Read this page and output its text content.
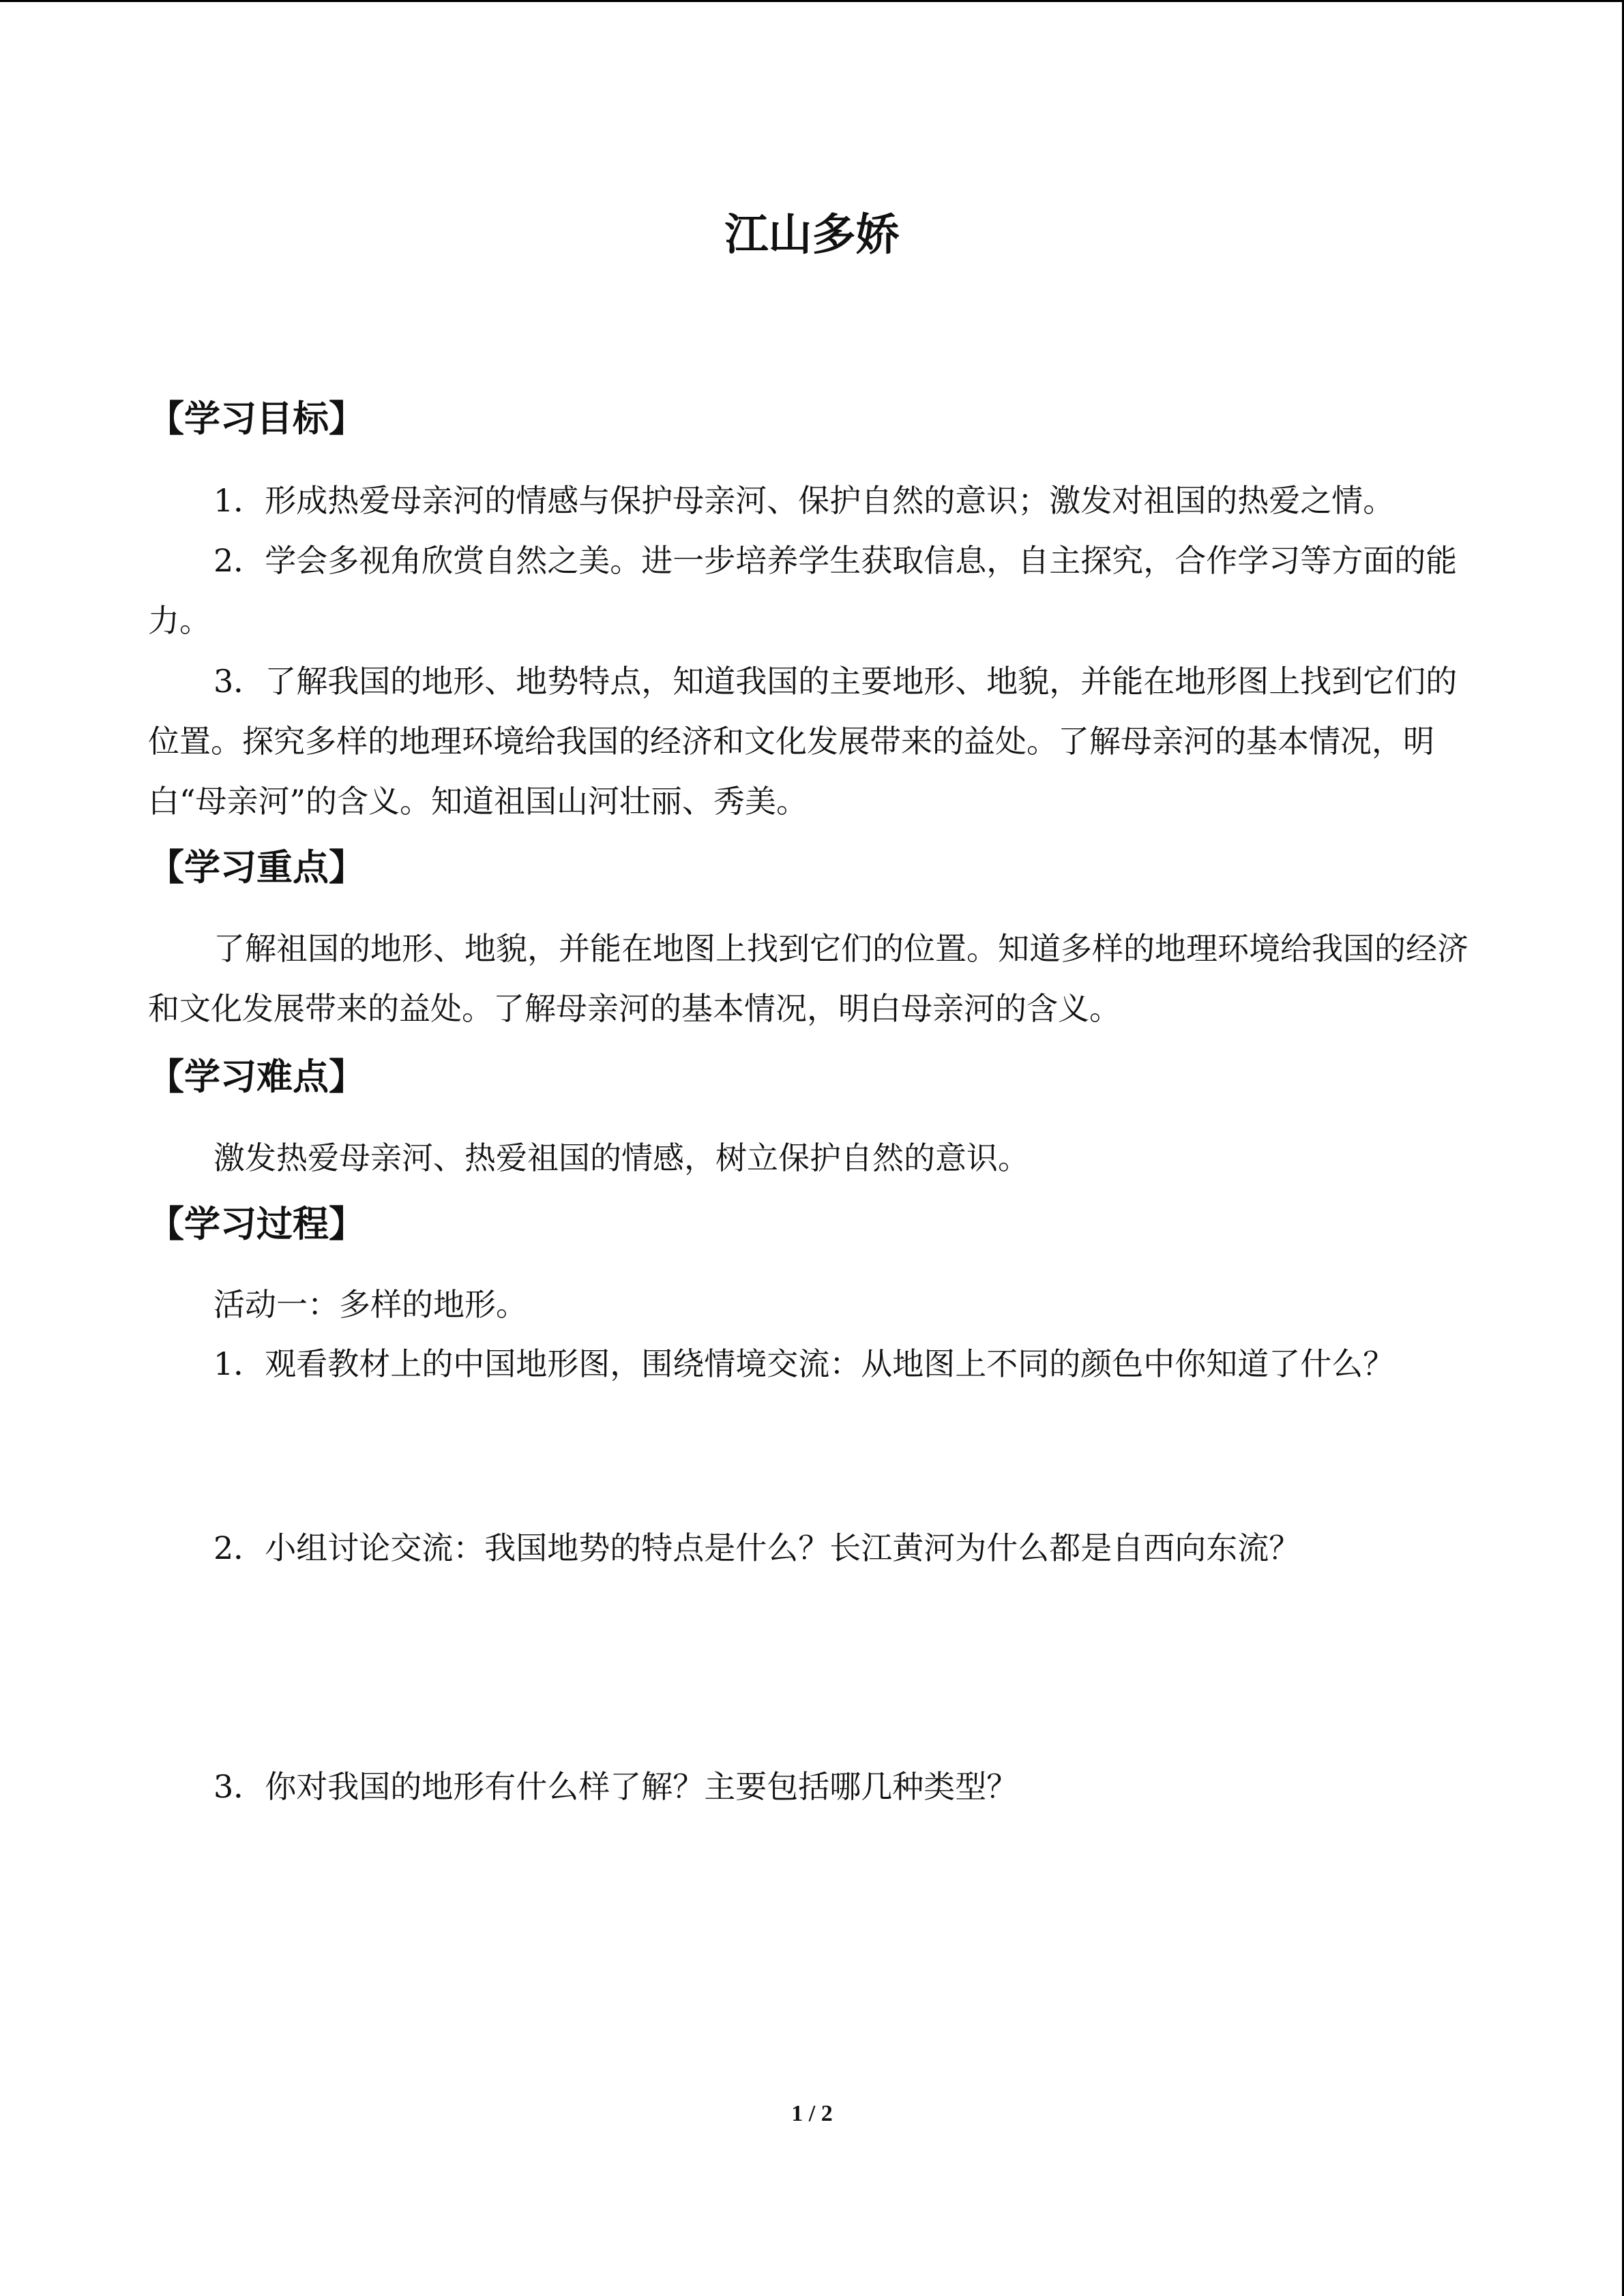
江山多娇
【学习目标】
1．形成热爱母亲河的情感与保护母亲河、保护自然的意识；激发对祖国的热爱之情。
2．学会多视角欣赏自然之美。进一步培养学生获取信息，自主探究，合作学习等方面的能力。
3．了解我国的地形、地势特点，知道我国的主要地形、地貌，并能在地形图上找到它们的位置。探究多样的地理环境给我国的经济和文化发展带来的益处。了解母亲河的基本情况，明白“母亲河”的含义。知道祖国山河壮丽、秀美。
【学习重点】
了解祖国的地形、地貌，并能在地图上找到它们的位置。知道多样的地理环境给我国的经济和文化发展带来的益处。了解母亲河的基本情况，明白母亲河的含义。
【学习难点】
激发热爱母亲河、热爱祖国的情感，树立保护自然的意识。
【学习过程】
活动一：多样的地形。
1．观看教材上的中国地形图，围绕情境交流：从地图上不同的颜色中你知道了什么？
2．小组讨论交流：我国地势的特点是什么？长江黄河为什么都是自西向东流？
3．你对我国的地形有什么样了解？主要包括哪几种类型？
1 / 2
